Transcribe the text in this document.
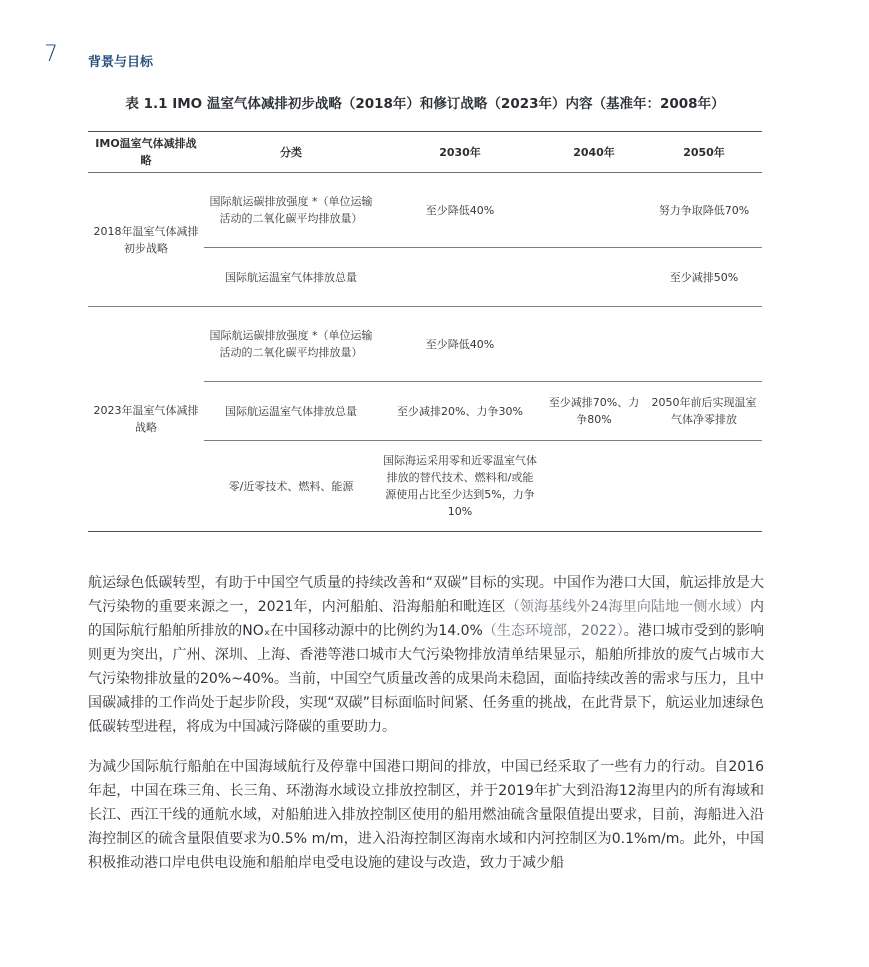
7 背景与目标
表 1.1 IMO 温室气体减排初步战略（2018年）和修订战略（2023年）内容（基准年：2008年）
IMO温室气体减排战略	分类	2030年	2040年	2050年
2018年温室气体减排初步战略	国际航运碳排放强度 *（单位运输活动的二氧化碳平均排放量）	至少降低40%		努力争取降低70%
	国际航运温室气体排放总量			至少减排50%
2023年温室气体减排战略	国际航运碳排放强度 *（单位运输活动的二氧化碳平均排放量）	至少降低40%		
	国际航运温室气体排放总量	至少减排20%、力争30%	至少减排70%、力争80%	2050年前后实现温室气体净零排放
	零/近零技术、燃料、能源	国际海运采用零和近零温室气体排放的替代技术、燃料和/或能源使用占比至少达到5%，力争10%		
航运绿色低碳转型，有助于中国空气质量的持续改善和“双碳”目标的实现。中国作为港口大国，航运排放是大气污染物的重要来源之一，2021年，内河船舶、沿海船舶和毗连区（领海基线外24海里向陆地一侧水域）内的国际航行船舶所排放的NOₓ在中国移动源中的比例约为14.0%（生态环境部，2022）。港口城市受到的影响则更为突出，广州、深圳、上海、香港等港口城市大气污染物排放清单结果显示，船舶所排放的废气占城市大气污染物排放量的20%~40%。当前，中国空气质量改善的成果尚未稳固，面临持续改善的需求与压力，且中国碳减排的工作尚处于起步阶段，实现“双碳”目标面临时间紧、任务重的挑战，在此背景下，航运业加速绿色低碳转型进程，将成为中国减污降碳的重要助力。
为减少国际航行船舶在中国海域航行及停靠中国港口期间的排放，中国已经采取了一些有力的行动。自2016年起，中国在珠三角、长三角、环渤海水域设立排放控制区，并于2019年扩大到沿海12海里内的所有海域和长江、西江干线的通航水域，对船舶进入排放控制区使用的船用燃油硫含量限值提出要求，目前，海船进入沿海控制区的硫含量限值要求为0.5% m/m，进入沿海控制区海南水域和内河控制区为0.1%m/m。此外，中国积极推动港口岸电供电设施和船舶岸电受电设施的建设与改造，致力于减少船
